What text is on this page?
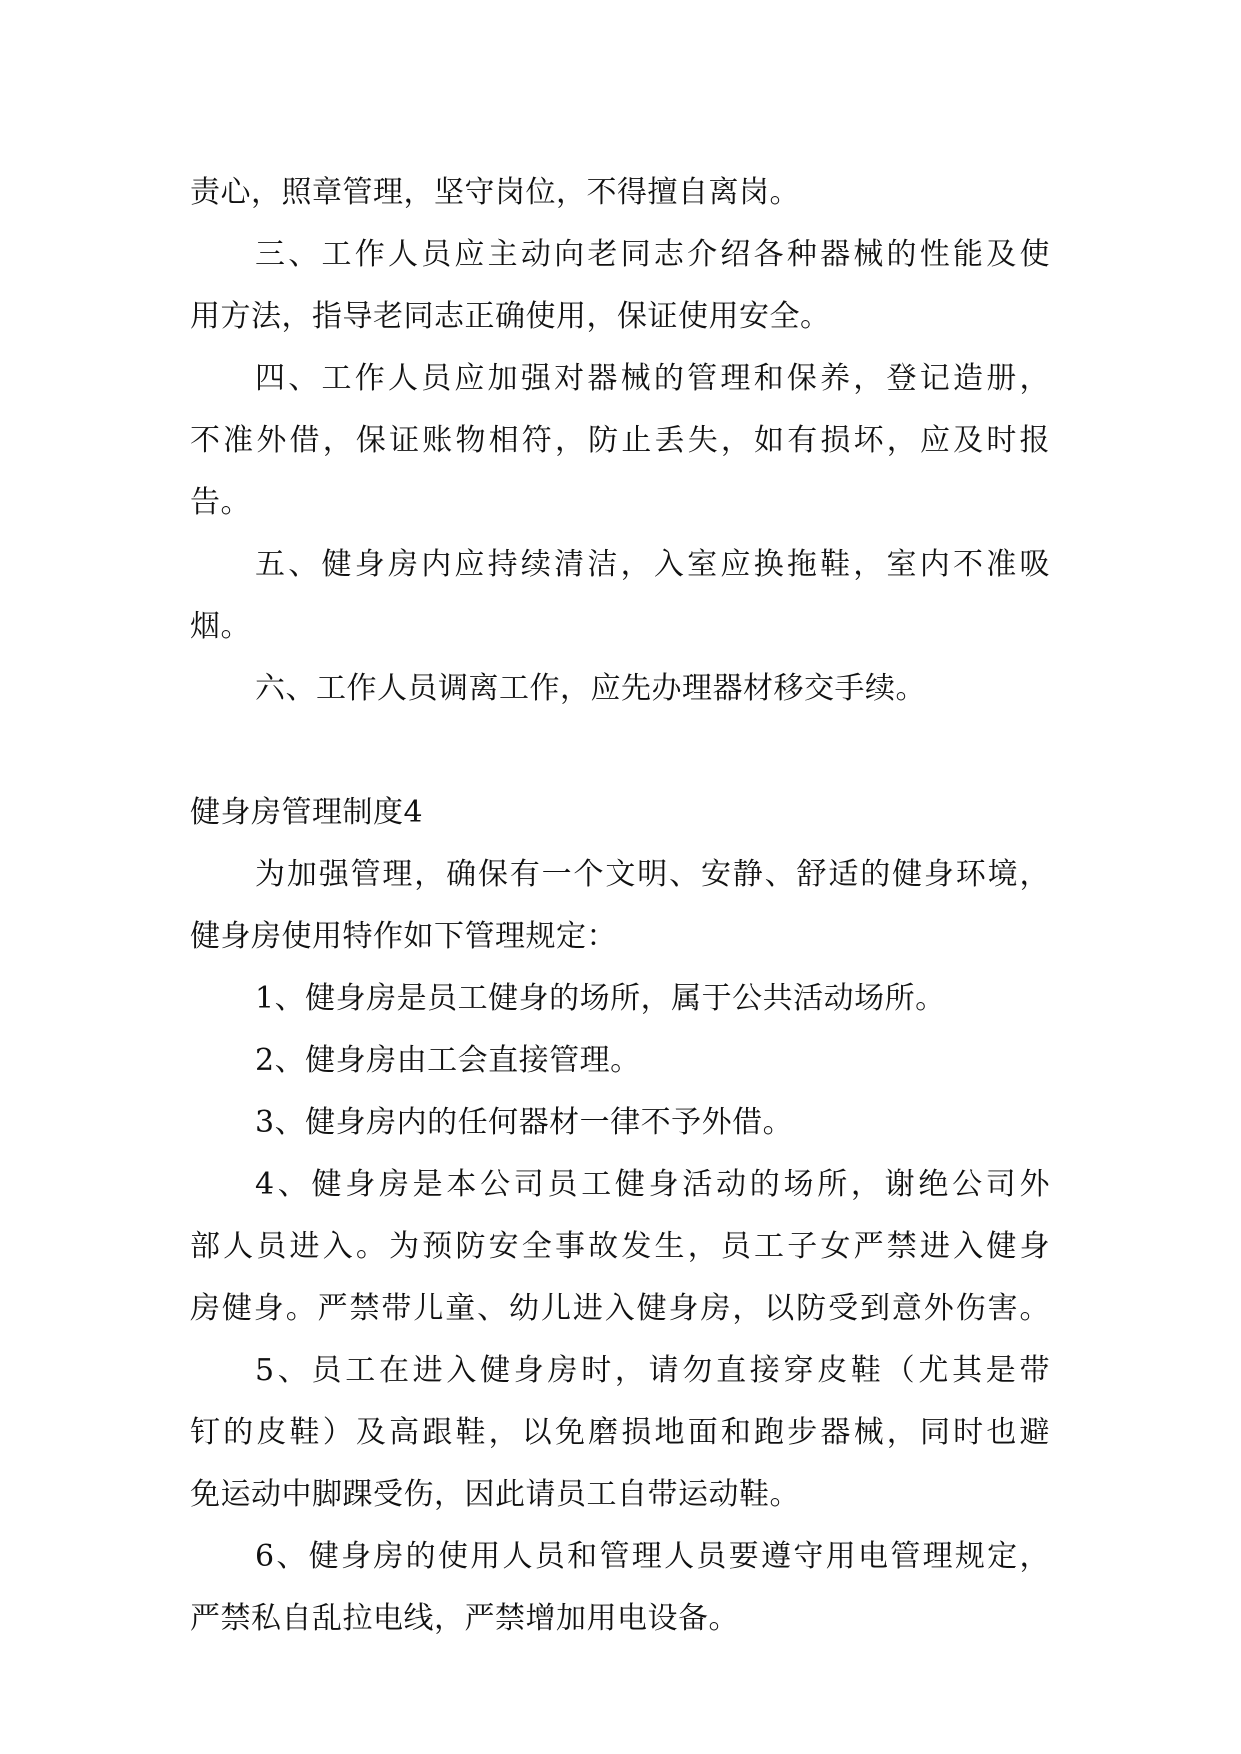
责心，照章管理，坚守岗位，不得擅自离岗。
三、工作人员应主动向老同志介绍各种器械的性能及使
用方法，指导老同志正确使用，保证使用安全。
四、工作人员应加强对器械的管理和保养，登记造册，
不准外借，保证账物相符，防止丢失，如有损坏，应及时报
告。
五、健身房内应持续清洁，入室应换拖鞋，室内不准吸
烟。
六、工作人员调离工作，应先办理器材移交手续。
健身房管理制度4
为加强管理，确保有一个文明、安静、舒适的健身环境，
健身房使用特作如下管理规定：
1、健身房是员工健身的场所，属于公共活动场所。
2、健身房由工会直接管理。
3、健身房内的任何器材一律不予外借。
4、健身房是本公司员工健身活动的场所，谢绝公司外
部人员进入。为预防安全事故发生，员工子女严禁进入健身
房健身。严禁带儿童、幼儿进入健身房，以防受到意外伤害。
5、员工在进入健身房时，请勿直接穿皮鞋（尤其是带
钉的皮鞋）及高跟鞋，以免磨损地面和跑步器械，同时也避
免运动中脚踝受伤，因此请员工自带运动鞋。
6、健身房的使用人员和管理人员要遵守用电管理规定，
严禁私自乱拉电线，严禁增加用电设备。
